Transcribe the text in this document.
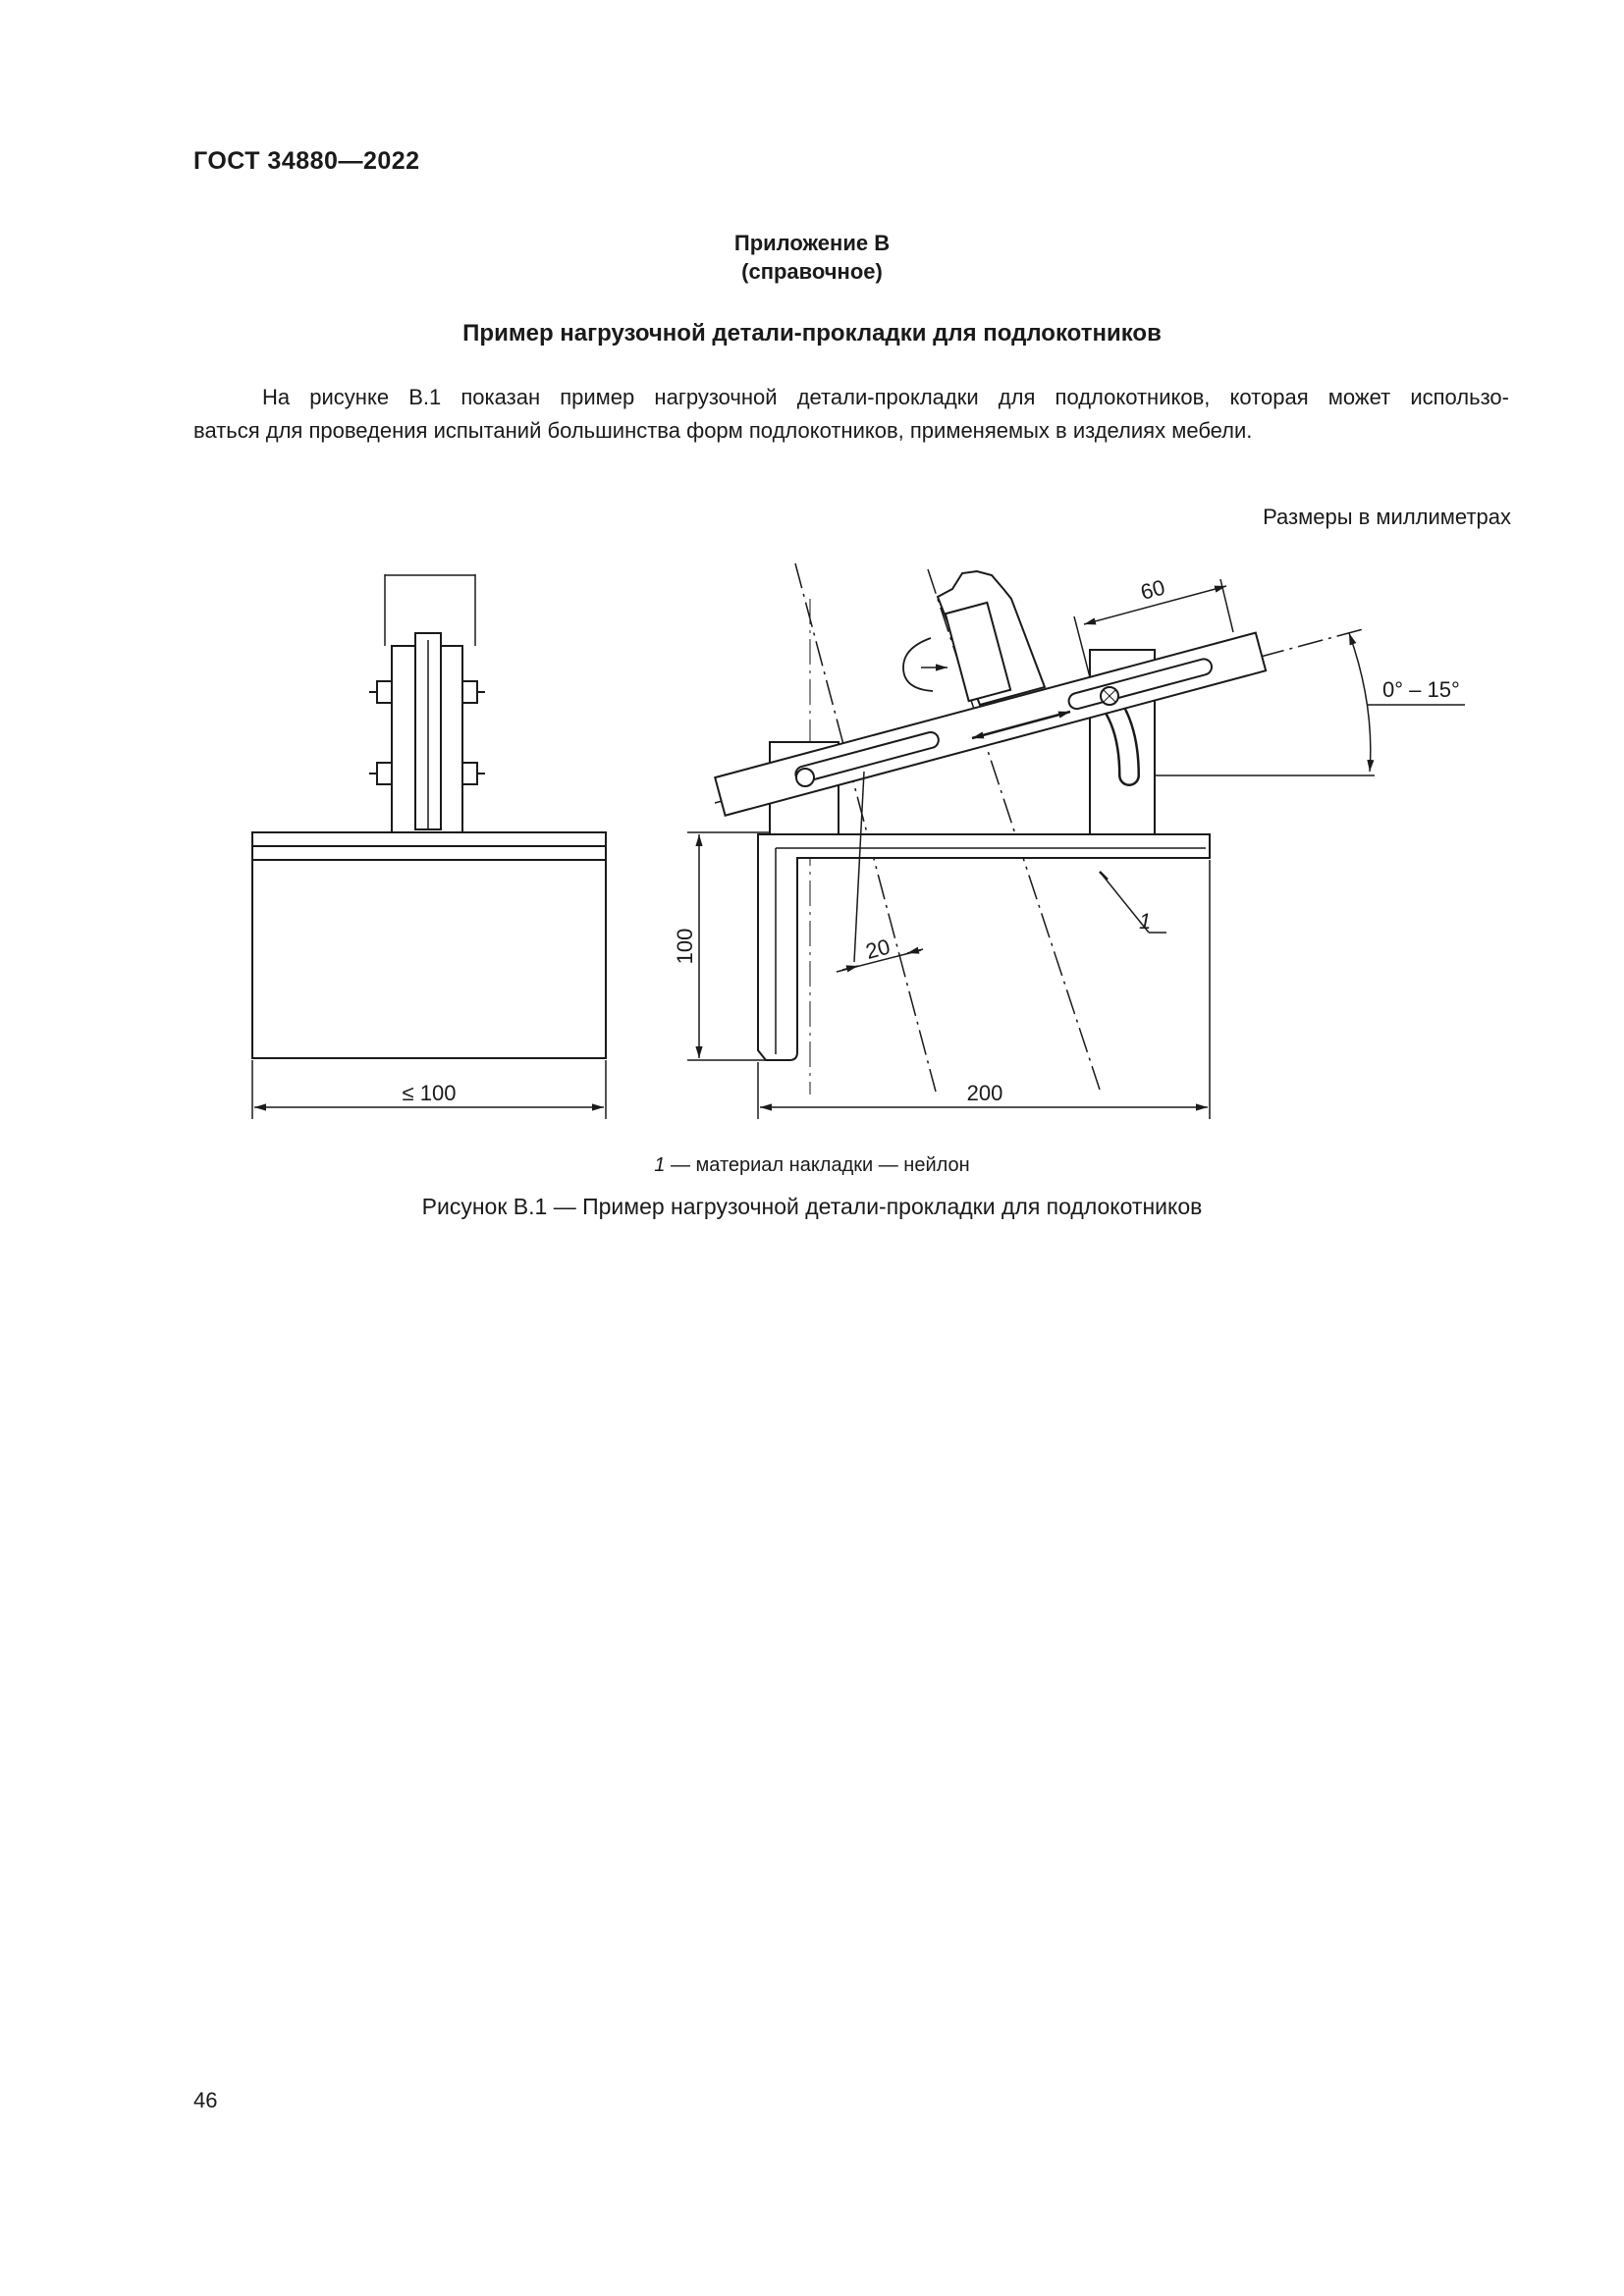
ГОСТ 34880—2022
Приложение В
(справочное)
Пример нагрузочной детали-прокладки для подлокотников
На рисунке В.1 показан пример нагрузочной детали-прокладки для подлокотников, которая может использо-
ваться для проведения испытаний большинства форм подлокотников, применяемых в изделиях мебели.
Размеры в миллиметрах
≤ 100
100
200
60
0° – 15°
20
1
1 — материал накладки — нейлон
Рисунок В.1 — Пример нагрузочной детали-прокладки для подлокотников
46
